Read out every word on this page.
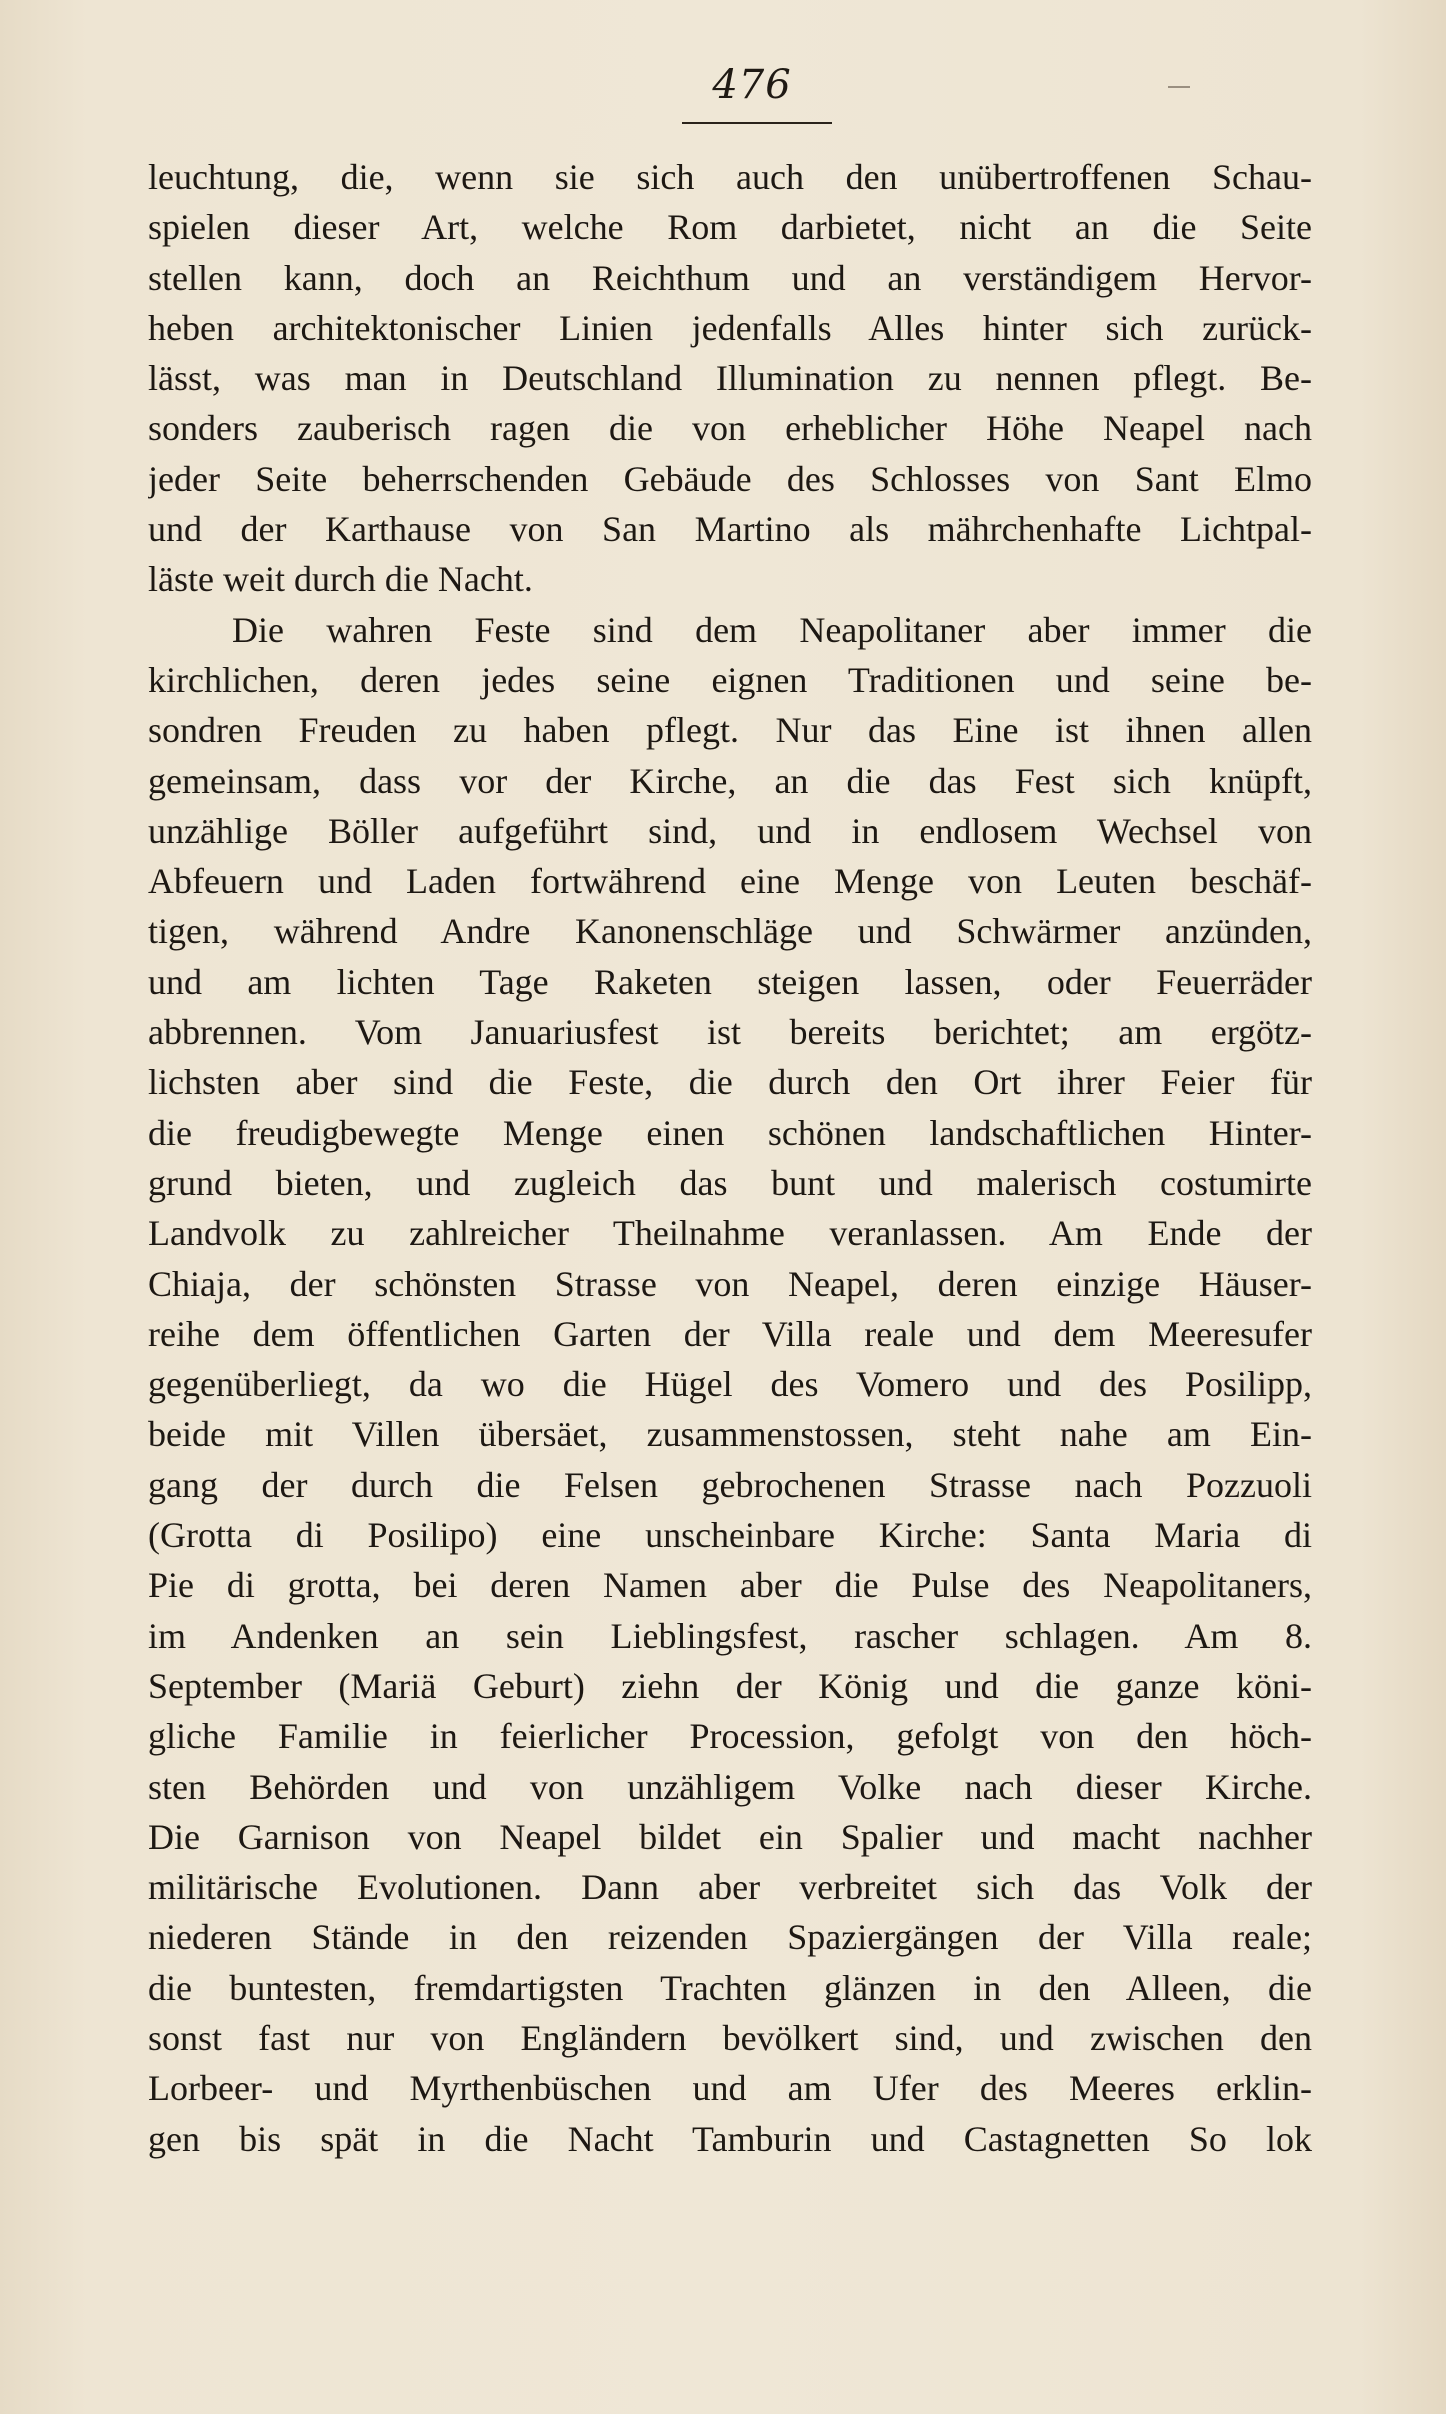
476
leuchtung, die, wenn sie sich auch den unübertroffenen Schau-
spielen dieser Art, welche Rom darbietet, nicht an die Seite
stellen kann, doch an Reichthum und an verständigem Hervor-
heben architektonischer Linien jedenfalls Alles hinter sich zurück-
lässt, was man in Deutschland Illumination zu nennen pflegt. Be-
sonders zauberisch ragen die von erheblicher Höhe Neapel nach
jeder Seite beherrschenden Gebäude des Schlosses von Sant Elmo
und der Karthause von San Martino als mährchenhafte Lichtpal-
läste weit durch die Nacht.
Die wahren Feste sind dem Neapolitaner aber immer die
kirchlichen, deren jedes seine eignen Traditionen und seine be-
sondren Freuden zu haben pflegt. Nur das Eine ist ihnen allen
gemeinsam, dass vor der Kirche, an die das Fest sich knüpft,
unzählige Böller aufgeführt sind, und in endlosem Wechsel von
Abfeuern und Laden fortwährend eine Menge von Leuten beschäf-
tigen, während Andre Kanonenschläge und Schwärmer anzünden,
und am lichten Tage Raketen steigen lassen, oder Feuerräder
abbrennen. Vom Januariusfest ist bereits berichtet; am ergötz-
lichsten aber sind die Feste, die durch den Ort ihrer Feier für
die freudigbewegte Menge einen schönen landschaftlichen Hinter-
grund bieten, und zugleich das bunt und malerisch costumirte
Landvolk zu zahlreicher Theilnahme veranlassen. Am Ende der
Chiaja, der schönsten Strasse von Neapel, deren einzige Häuser-
reihe dem öffentlichen Garten der Villa reale und dem Meeresufer
gegenüberliegt, da wo die Hügel des Vomero und des Posilipp,
beide mit Villen übersäet, zusammenstossen, steht nahe am Ein-
gang der durch die Felsen gebrochenen Strasse nach Pozzuoli
(Grotta di Posilipo) eine unscheinbare Kirche: Santa Maria di
Pie di grotta, bei deren Namen aber die Pulse des Neapolitaners,
im Andenken an sein Lieblingsfest, rascher schlagen. Am 8.
September (Mariä Geburt) ziehn der König und die ganze köni-
gliche Familie in feierlicher Procession, gefolgt von den höch-
sten Behörden und von unzähligem Volke nach dieser Kirche.
Die Garnison von Neapel bildet ein Spalier und macht nachher
militärische Evolutionen. Dann aber verbreitet sich das Volk der
niederen Stände in den reizenden Spaziergängen der Villa reale;
die buntesten, fremdartigsten Trachten glänzen in den Alleen, die
sonst fast nur von Engländern bevölkert sind, und zwischen den
Lorbeer- und Myrthenbüschen und am Ufer des Meeres erklin-
gen bis spät in die Nacht Tamburin und Castagnetten So lok
